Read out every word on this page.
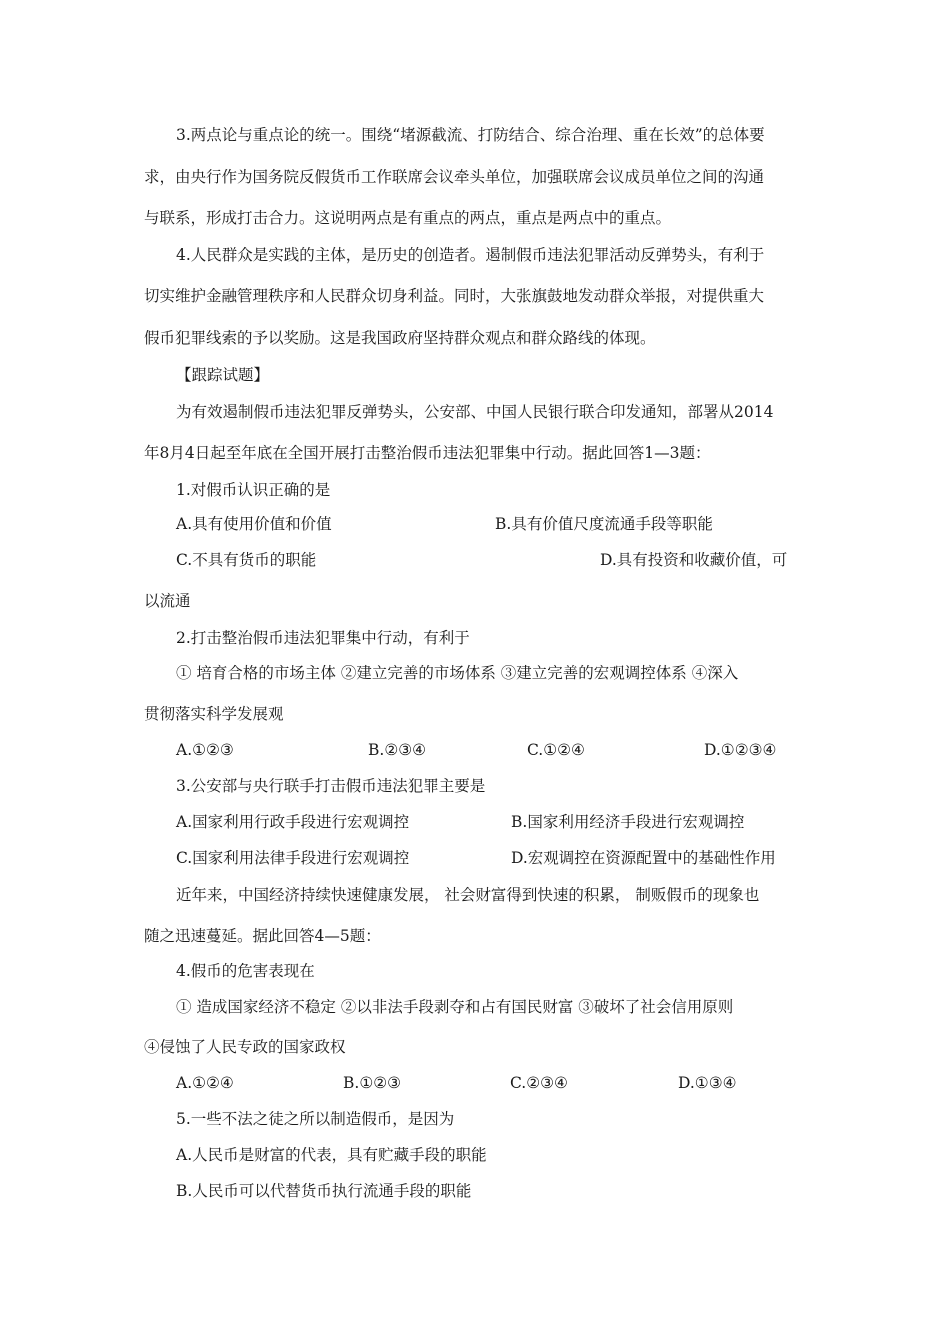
3.两点论与重点论的统一。围绕“堵源截流、打防结合、综合治理、重在长效”的总体要
求，由央行作为国务院反假货币工作联席会议牵头单位，加强联席会议成员单位之间的沟通
与联系，形成打击合力。这说明两点是有重点的两点，重点是两点中的重点。
4.人民群众是实践的主体，是历史的创造者。遏制假币违法犯罪活动反弹势头，有利于
切实维护金融管理秩序和人民群众切身利益。同时，大张旗鼓地发动群众举报，对提供重大
假币犯罪线索的予以奖励。这是我国政府坚持群众观点和群众路线的体现。
【跟踪试题】
为有效遏制假币违法犯罪反弹势头，公安部、中国人民银行联合印发通知，部署从2014
年8月4日起至年底在全国开展打击整治假币违法犯罪集中行动。据此回答1—3题：
1.对假币认识正确的是
A.具有使用价值和价值	B.具有价值尺度流通手段等职能
C.不具有货币的职能	D.具有投资和收藏价值，可
以流通
2.打击整治假币违法犯罪集中行动，有利于
① 培育合格的市场主体 ②建立完善的市场体系 ③建立完善的宏观调控体系 ④深入
贯彻落实科学发展观
A.①②③	B.②③④	C.①②④	D.①②③④
3.公安部与央行联手打击假币违法犯罪主要是
A.国家利用行政手段进行宏观调控	B.国家利用经济手段进行宏观调控
C.国家利用法律手段进行宏观调控	D.宏观调控在资源配置中的基础性作用
近年来，中国经济持续快速健康发展， 社会财富得到快速的积累， 制贩假币的现象也
随之迅速蔓延。据此回答4—5题：
4.假币的危害表现在
① 造成国家经济不稳定 ②以非法手段剥夺和占有国民财富 ③破坏了社会信用原则
④侵蚀了人民专政的国家政权
A.①②④	B.①②③	C.②③④	D.①③④
5.一些不法之徒之所以制造假币，是因为
A.人民币是财富的代表，具有贮藏手段的职能
B.人民币可以代替货币执行流通手段的职能
